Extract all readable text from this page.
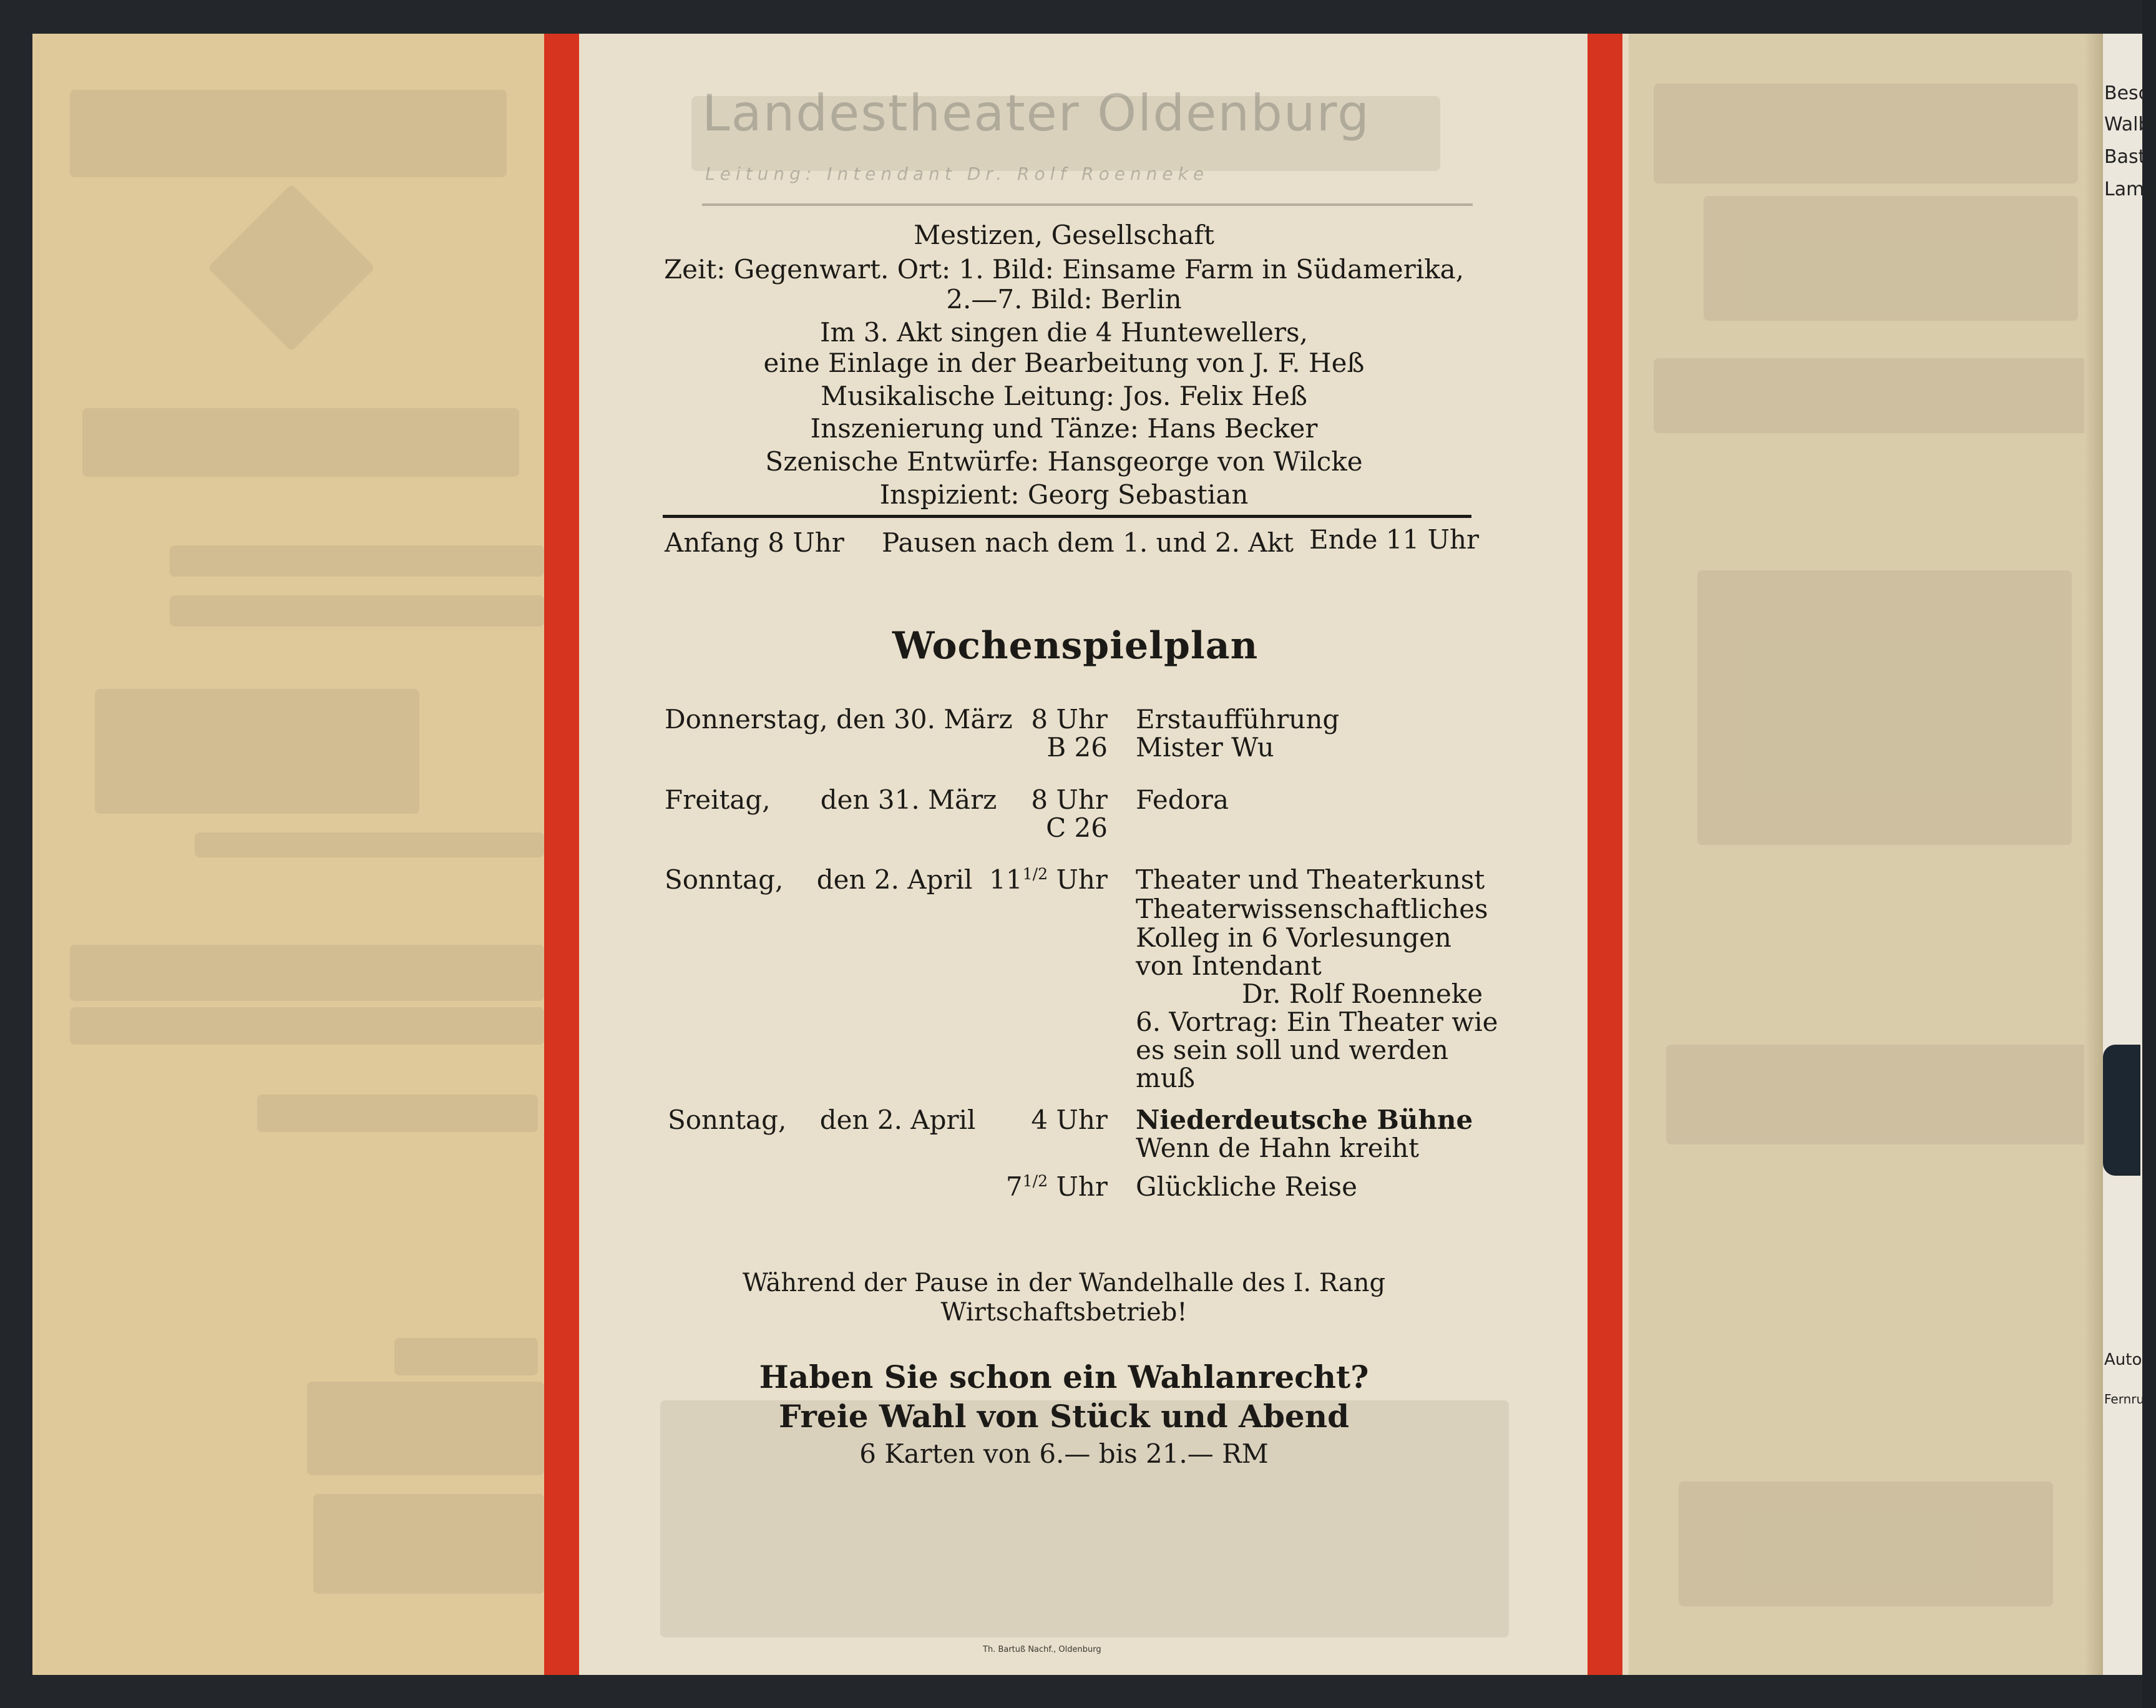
Besc
Walb
Bast,
Lamp
Auto -
Fernruf
Landestheater Oldenburg
Leitung: Intendant Dr. Rolf Roenneke
Mestizen, Gesellschaft
Zeit: Gegenwart. Ort: 1. Bild: Einsame Farm in Südamerika,
2.—7. Bild: Berlin
Im 3. Akt singen die 4 Huntewellers,
eine Einlage in der Bearbeitung von J. F. Heß
Musikalische Leitung: Jos. Felix Heß
Inszenierung und Tänze: Hans Becker
Szenische Entwürfe: Hansgeorge von Wilcke
Inspizient: Georg Sebastian
Anfang 8 Uhr Pausen nach dem 1. und 2. Akt Ende 11 Uhr
Wochenspielplan
Donnerstag, den 30. März 8 Uhr
B 26
Erstaufführung
Mister Wu
Freitag,      den 31. März	8 Uhr
C 26
Fedora
Sonntag,    den 2. April $11^{1/2}$ Uhr Theater und Theaterkunst
Theaterwissenschaftliches
Kolleg in 6 Vorlesungen
von Intendant
Dr. Rolf Roenneke
6. Vortrag: Ein Theater wie
es sein soll und werden
muß
Sonntag,    den 2. April	4 Uhr Niederdeutsche Bühne
Wenn de Hahn kreiht
$7^{1/2}$ Uhr Glückliche Reise
Während der Pause in der Wandelhalle des I. Rang
Wirtschaftsbetrieb!
Haben Sie schon ein Wahlanrecht?
Freie Wahl von Stück und Abend
6 Karten von 6.— bis 21.— RM
Th. Bartuß Nachf., Oldenburg
